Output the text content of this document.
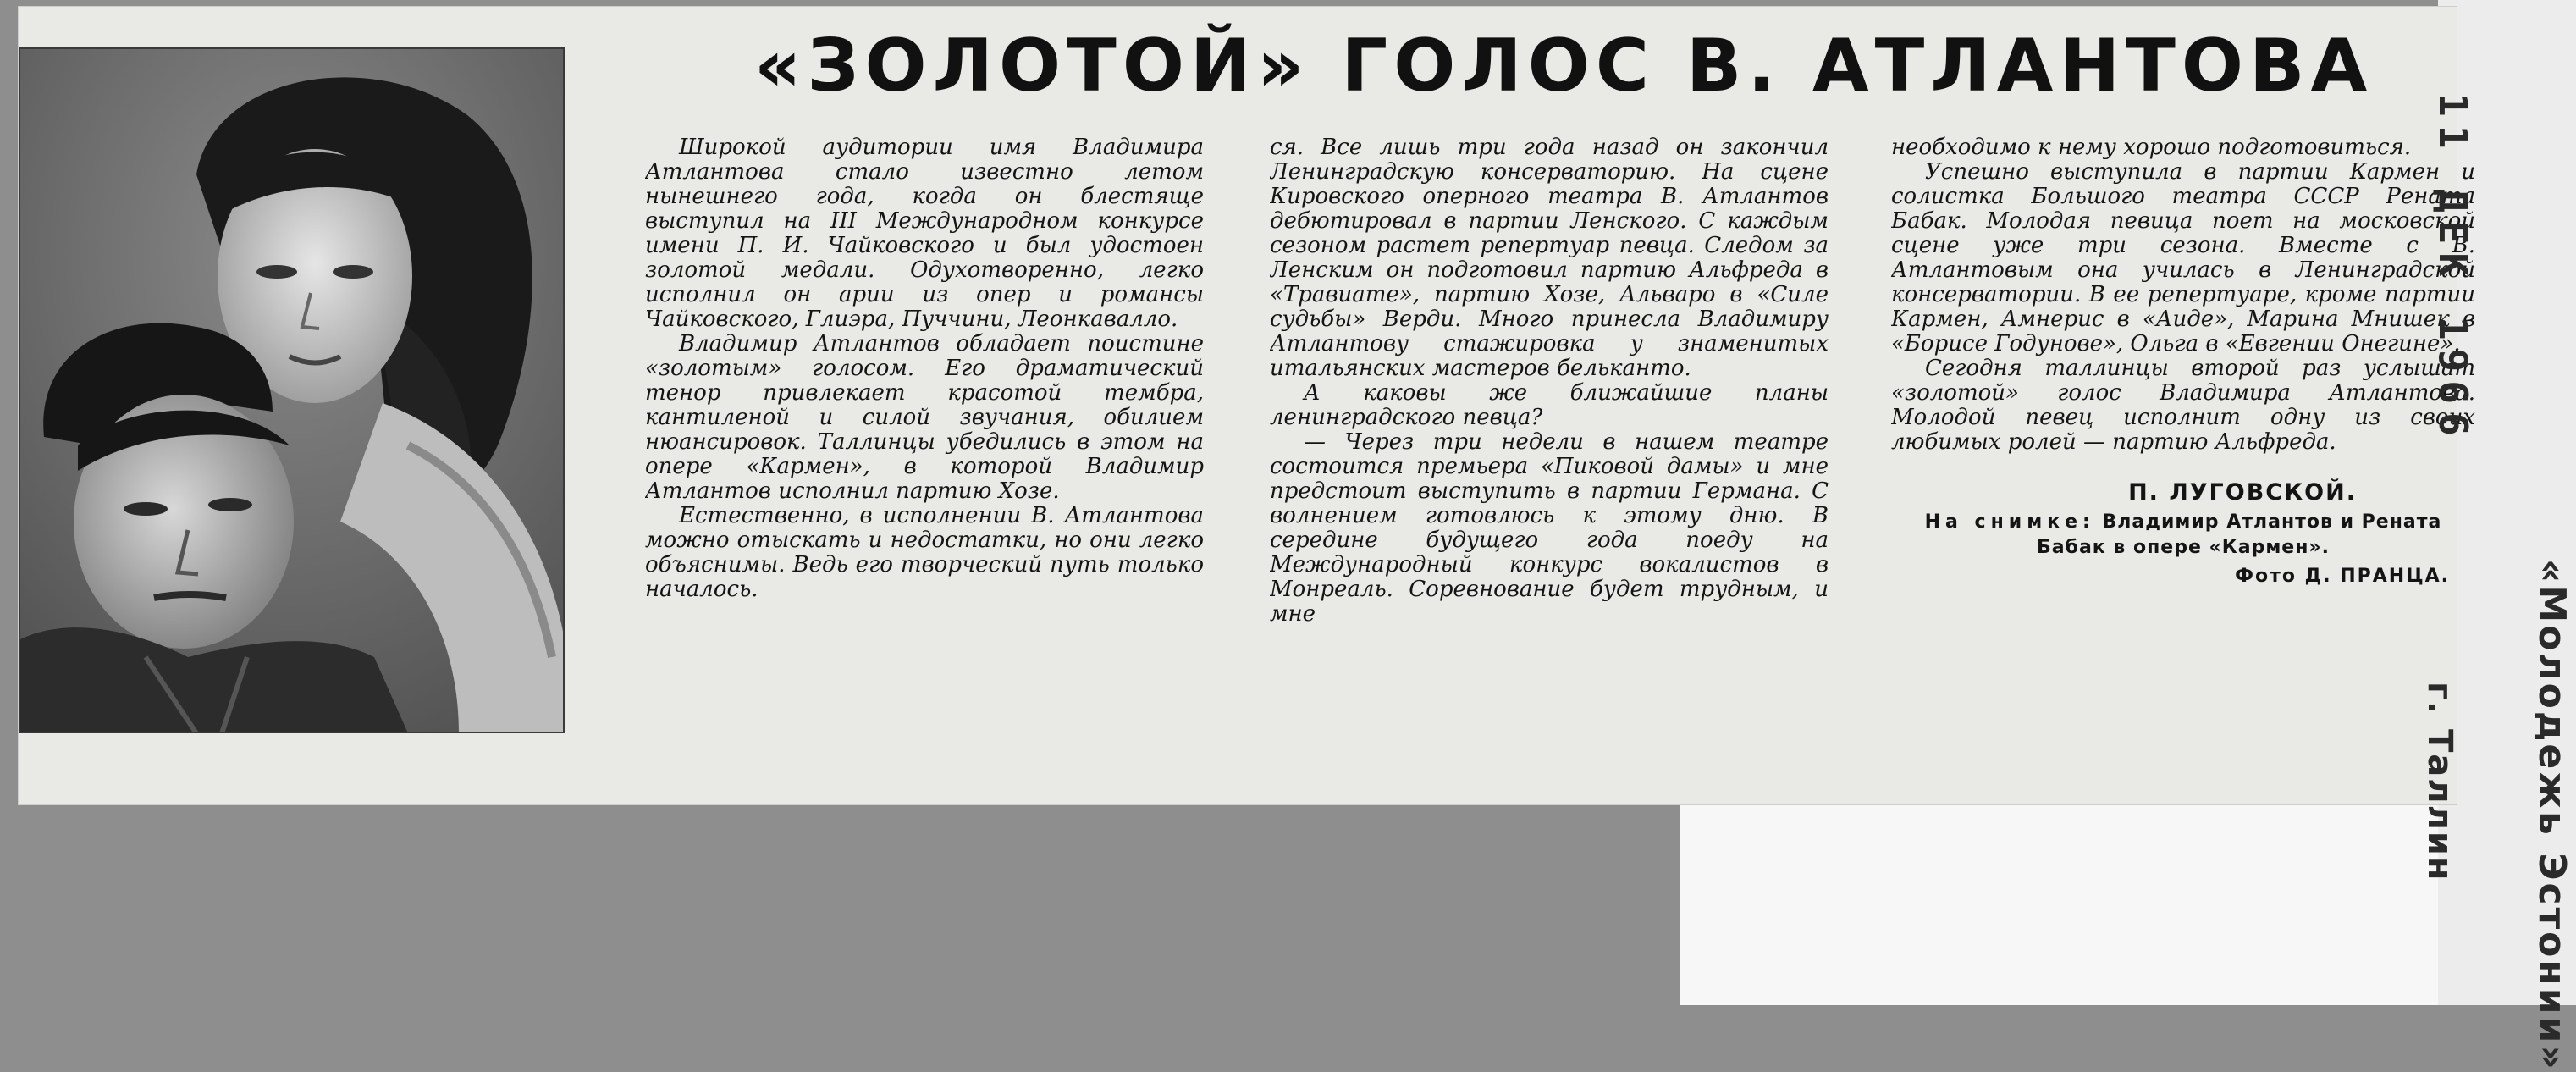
«ЗОЛОТОЙ» ГОЛОС В. АТЛАНТОВА

Широкой аудитории имя Владимира Атлантова стало известно летом нынешнего года, когда он блестяще выступил на III Международном конкурсе имени П. И. Чайковского и был удостоен золотой медали. Одухотворенно, легко исполнил он арии из опер и романсы Чайковского, Глиэра, Пуччини, Леонкавалло.

Владимир Атлантов обладает поистине «золотым» голосом. Его драматический тенор привлекает красотой тембра, кантиленой и силой звучания, обилием нюансировок. Таллинцы убедились в этом на опере «Кармен», в которой Владимир Атлантов исполнил партию Хозе.

Естественно, в исполнении В. Атлантова можно отыскать и недостатки, но они легко объяснимы. Ведь его творческий путь только началось.

ся. Все лишь три года назад он закончил Ленинградскую консерваторию. На сцене Кировского оперного театра В. Атлантов дебютировал в партии Ленского. С каждым сезоном растет репертуар певца. Следом за Ленским он подготовил партию Альфреда в «Травиате», партию Хозе, Альваро в «Силе судьбы» Верди. Много принесла Владимиру Атлантову стажировка у знаменитых итальянских мастеров бельканто.

А каковы же ближайшие планы ленинградского певца?

— Через три недели в нашем театре состоится премьера «Пиковой дамы» и мне предстоит выступить в партии Германа. С волнением готовлюсь к этому дню. В середине будущего года поеду на Международный конкурс вокалистов в Монреаль. Соревнование будет трудным, и мне

необходимо к нему хорошо подготовиться.

Успешно выступила в партии Кармен и солистка Большого театра СССР Рената Бабак. Молодая певица поет на московской сцене уже три сезона. Вместе с В. Атлантовым она училась в Ленинградской консерватории. В ее репертуаре, кроме партии Кармен, Амнерис в «Аиде», Марина Мнишек в «Борисе Годунове», Ольга в «Евгении Онегине».

Сегодня таллинцы второй раз услышат «золотой» голос Владимира Атлантова. Молодой певец исполнит одну из своих любимых ролей — партию Альфреда.

П. ЛУГОВСКОЙ.
На снимке: Владимир Атлантов и Рената Бабак в опере «Кармен».
Фото Д. ПРАНЦА.
11 ДЕК 1966
«Молодежь Эстонии»
г. Таллин
